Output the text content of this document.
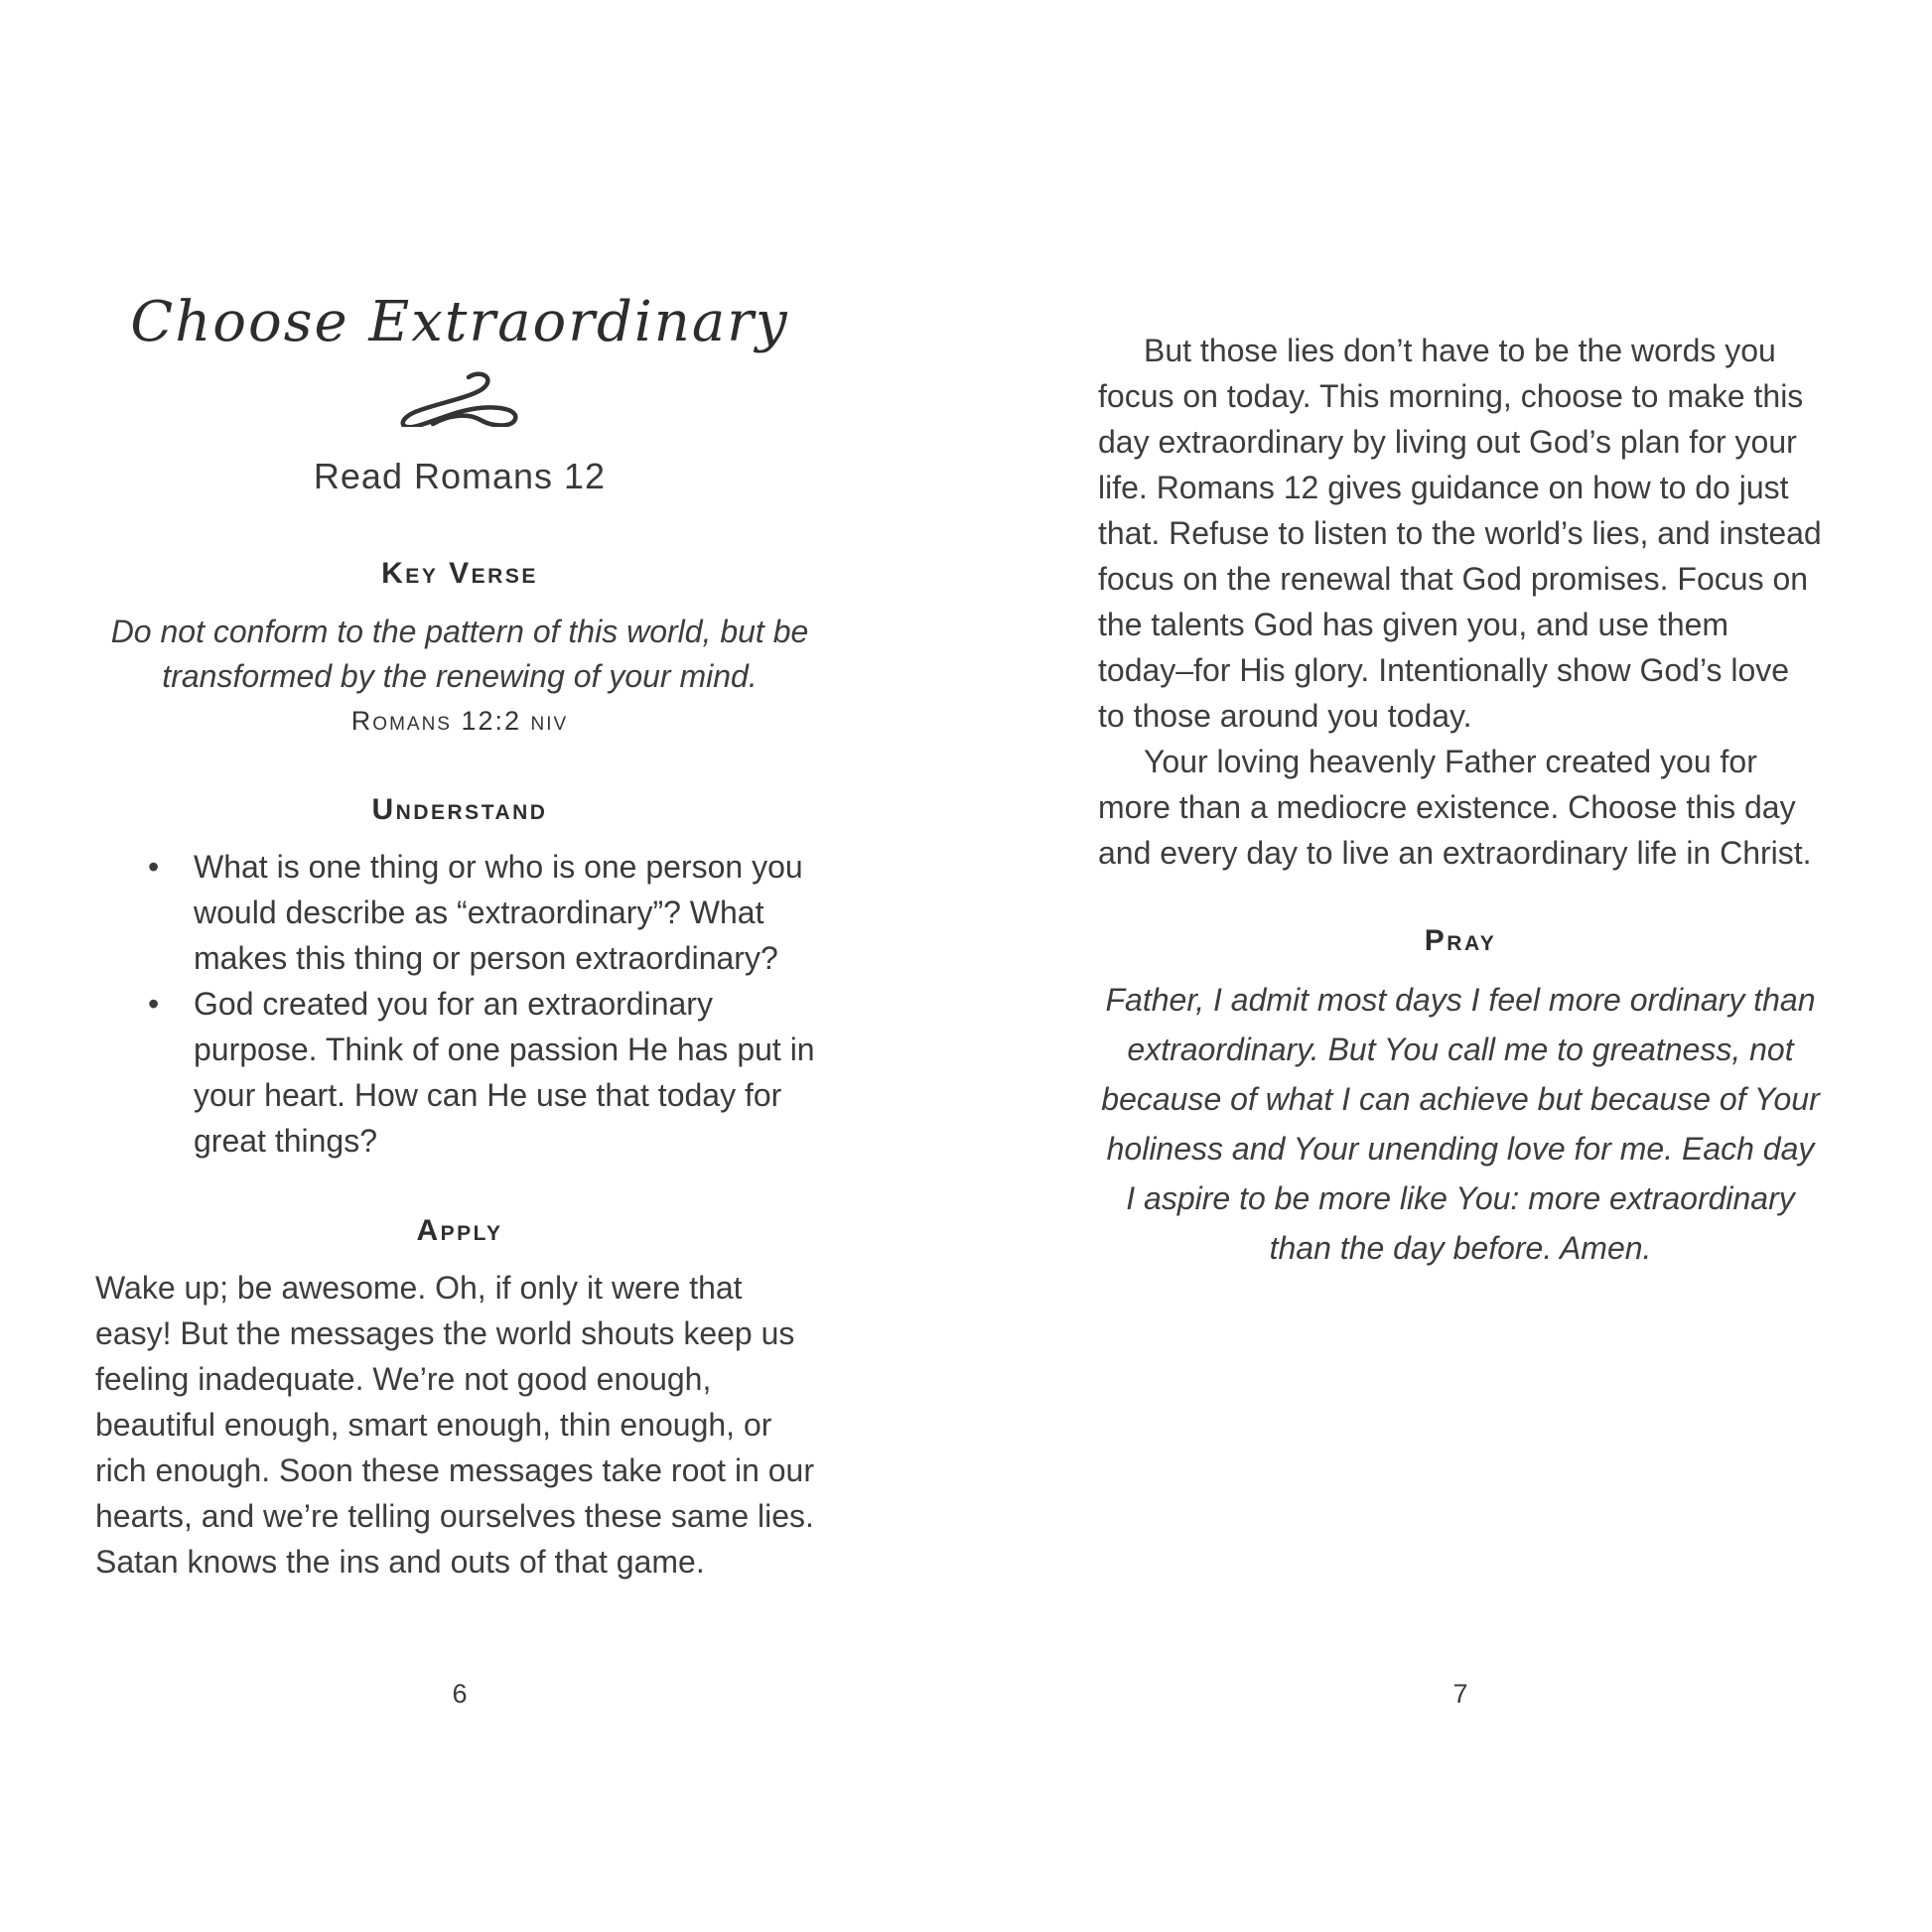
Choose Extraordinary
Read Romans 12
Key Verse
Do not conform to the pattern of this world, but be transformed by the renewing of your mind.
Romans 12:2 niv
Understand
• What is one thing or who is one person you would describe as “extraordinary”? What makes this thing or person extraordinary?
• God created you for an extraordinary purpose. Think of one passion He has put in your heart. How can He use that today for great things?
Apply
Wake up; be awesome. Oh, if only it were that easy! But the messages the world shouts keep us feeling inadequate. We’re not good enough, beautiful enough, smart enough, thin enough, or rich enough. Soon these messages take root in our hearts, and we’re telling ourselves these same lies. Satan knows the ins and outs of that game.

But those lies don’t have to be the words you focus on today. This morning, choose to make this day extraordinary by living out God’s plan for your life. Romans 12 gives guidance on how to do just that. Refuse to listen to the world’s lies, and instead focus on the renewal that God promises. Focus on the talents God has given you, and use them today–for His glory. Intentionally show God’s love to those around you today.

Your loving heavenly Father created you for more than a mediocre existence. Choose this day and every day to live an extraordinary life in Christ.

Pray
Father, I admit most days I feel more ordinary than extraordinary. But You call me to greatness, not because of what I can achieve but because of Your holiness and Your unending love for me. Each day I aspire to be more like You: more extraordinary than the day before. Amen.
6	7
